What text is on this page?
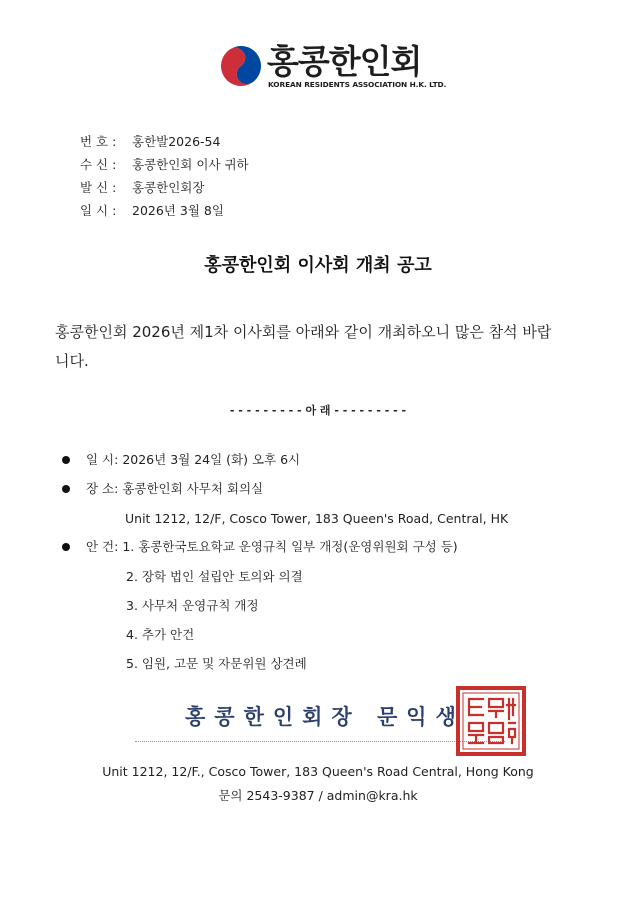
홍콩한인회
KOREAN RESIDENTS ASSOCIATION H.K. LTD.
번 호 : 홍한발2026-54
수 신 : 홍콩한인회 이사 귀하
발 신 : 홍콩한인회장
일 시 : 2026년 3월 8일
홍콩한인회 이사회 개최 공고
홍콩한인회 2026년 제1차 이사회를 아래와 같이 개최하오니 많은 참석 바랍니다.
- - - - - - - - - 아 래 - - - - - - - - -
일 시: 2026년 3월 24일 (화) 오후 6시
장 소: 홍콩한인회 사무처 회의실
Unit 1212, 12/F, Cosco Tower, 183 Queen's Road, Central, HK
안 건: 1. 홍콩한국토요학교 운영규칙 일부 개정(운영위원회 구성 등)
2. 장학 법인 설립안 토의와 의결
3. 사무처 운영규칙 개정
4. 추가 안건
5. 임원, 고문 및 자문위원 상견례
홍콩한인회장 문익생
Unit 1212, 12/F., Cosco Tower, 183 Queen's Road Central, Hong Kong
문의 2543-9387 / admin@kra.hk
